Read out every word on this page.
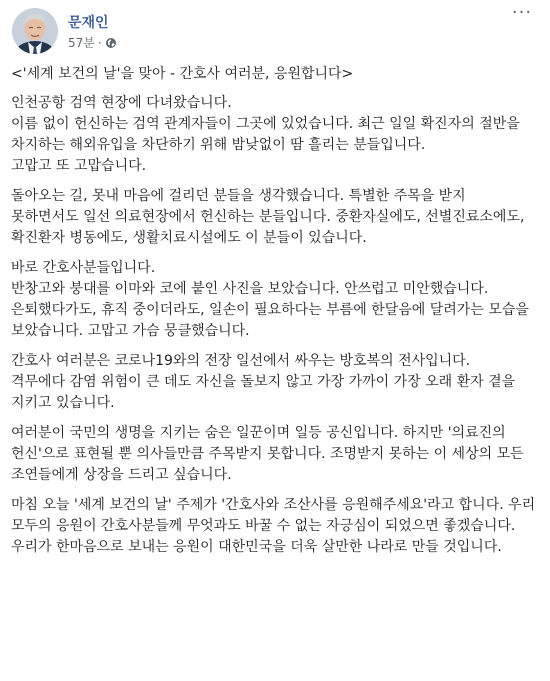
문재인
57분 ·
···

<'세계 보건의 날'을 맞아 - 간호사 여러분, 응원합니다>

인천공항 검역 현장에 다녀왔습니다.
이름 없이 헌신하는 검역 관계자들이 그곳에 있었습니다. 최근 일일 확진자의 절반을 차지하는 해외유입을 차단하기 위해 밤낮없이 땀 흘리는 분들입니다.
고맙고 또 고맙습니다.

돌아오는 길, 못내 마음에 걸리던 분들을 생각했습니다. 특별한 주목을 받지 못하면서도 일선 의료현장에서 헌신하는 분들입니다. 중환자실에도, 선별진료소에도, 확진환자 병동에도, 생활치료시설에도 이 분들이 있습니다.

바로 간호사분들입니다.
반창고와 붕대를 이마와 코에 붙인 사진을 보았습니다. 안쓰럽고 미안했습니다. 은퇴했다가도, 휴직 중이더라도, 일손이 필요하다는 부름에 한달음에 달려가는 모습을 보았습니다. 고맙고 가슴 뭉클했습니다.

간호사 여러분은 코로나19와의 전장 일선에서 싸우는 방호복의 전사입니다.
격무에다 감염 위험이 큰 데도 자신을 돌보지 않고 가장 가까이 가장 오래 환자 곁을 지키고 있습니다.

여러분이 국민의 생명을 지키는 숨은 일꾼이며 일등 공신입니다. 하지만 '의료진의 헌신'으로 표현될 뿐 의사들만큼 주목받지 못합니다. 조명받지 못하는 이 세상의 모든 조연들에게 상장을 드리고 싶습니다.

마침 오늘 '세계 보건의 날' 주제가 '간호사와 조산사를 응원해주세요'라고 합니다. 우리 모두의 응원이 간호사분들께 무엇과도 바꿀 수 없는 자긍심이 되었으면 좋겠습니다. 우리가 한마음으로 보내는 응원이 대한민국을 더욱 살만한 나라로 만들 것입니다.
